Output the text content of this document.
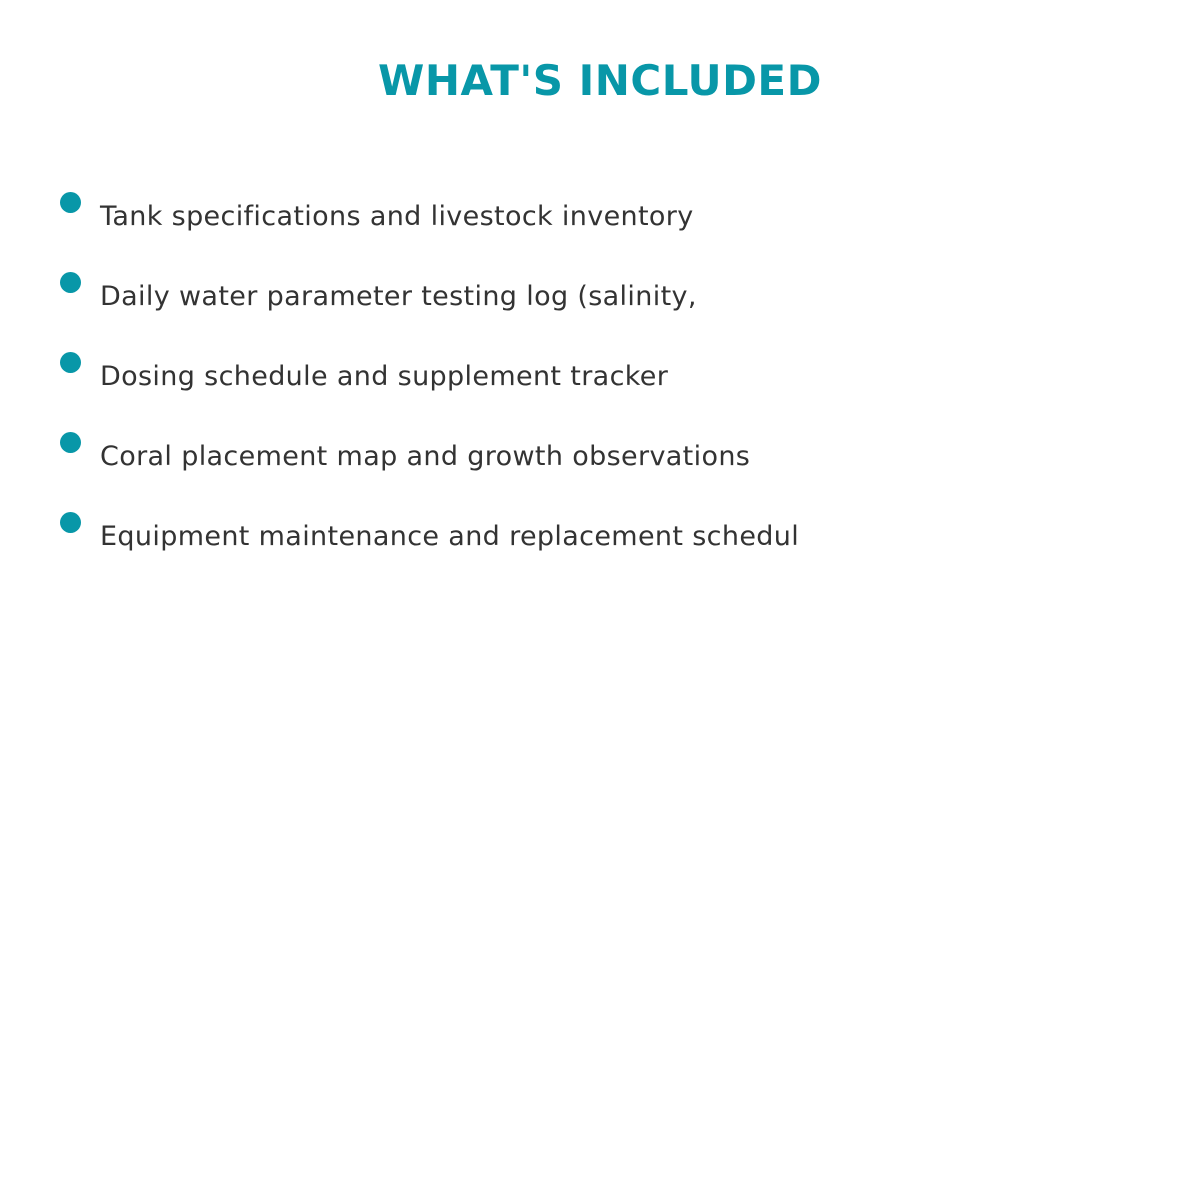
WHAT'S INCLUDED
Tank specifications and livestock inventory
Daily water parameter testing log (salinity,
Dosing schedule and supplement tracker
Coral placement map and growth observations
Equipment maintenance and replacement schedul
